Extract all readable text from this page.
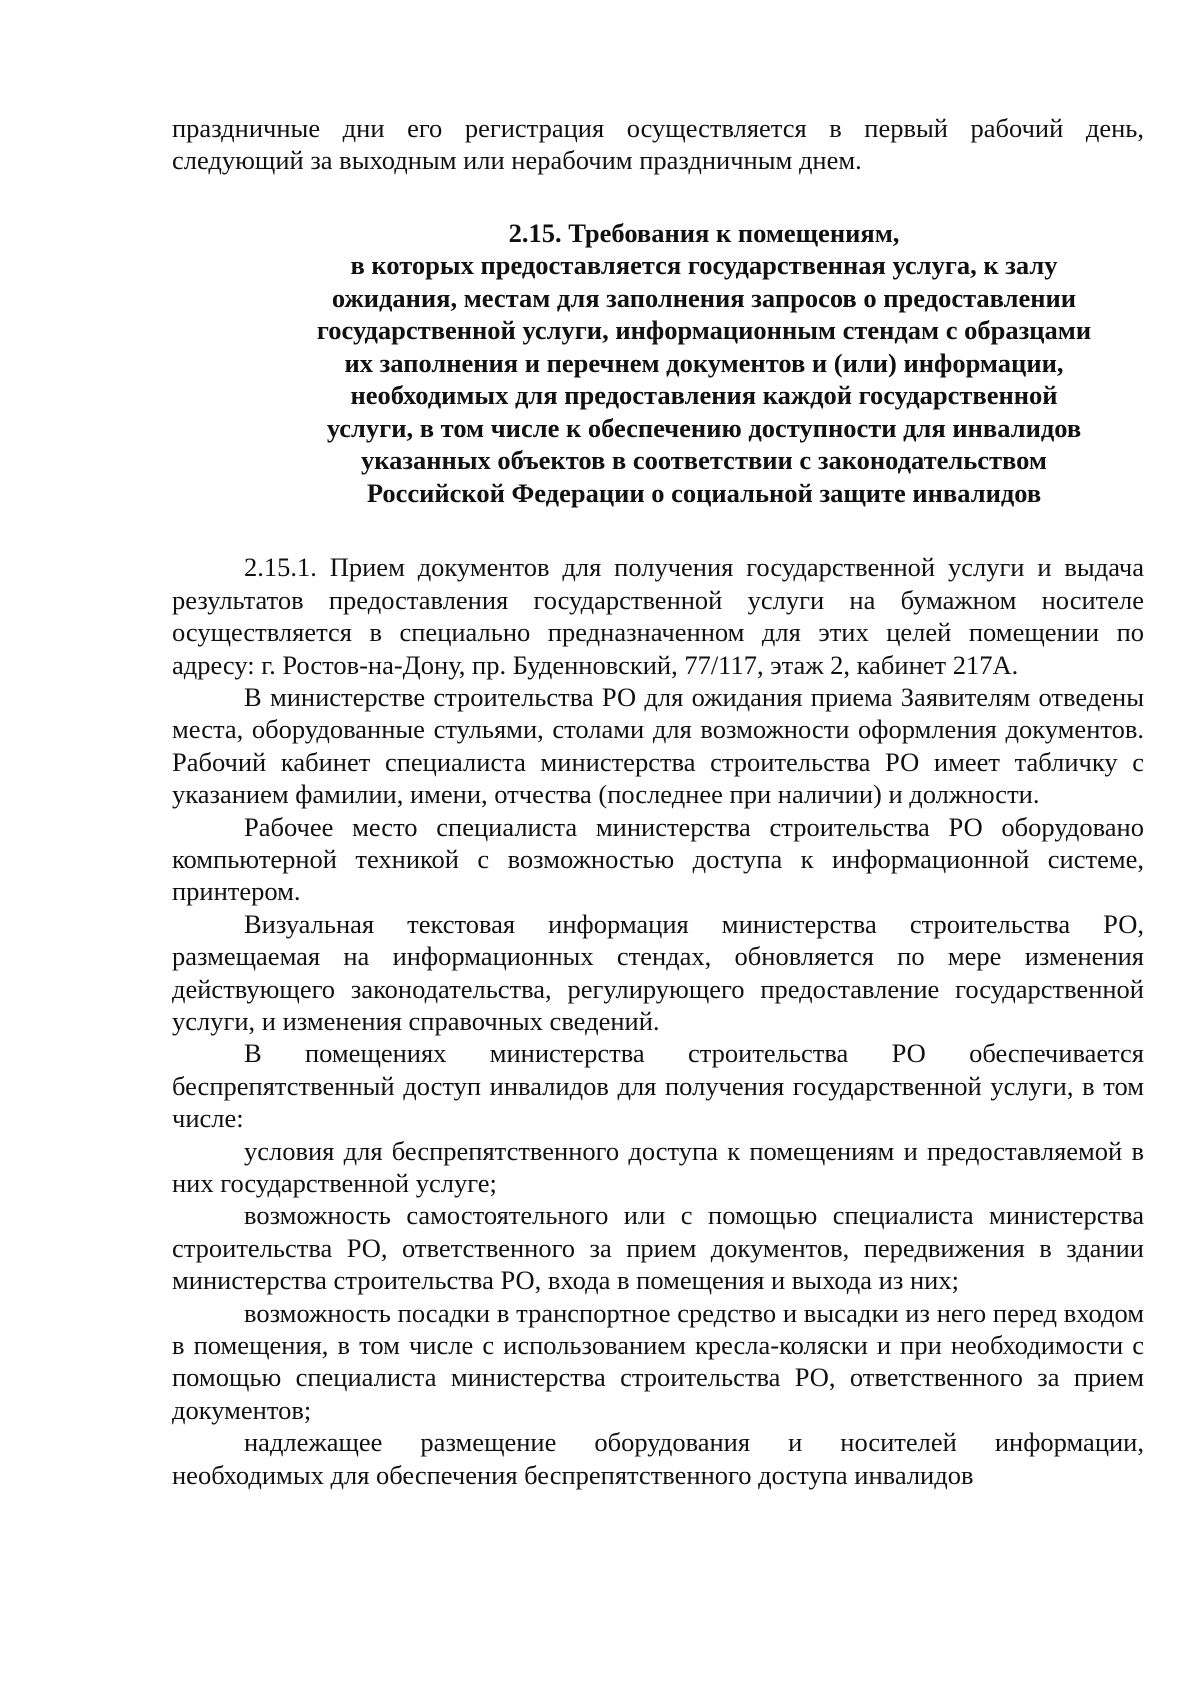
праздничные дни его регистрация осуществляется в первый рабочий день, следующий за выходным или нерабочим праздничным днем.

2.15. Требования к помещениям,
в которых предоставляется государственная услуга, к залу
ожидания, местам для заполнения запросов о предоставлении
государственной услуги, информационным стендам с образцами
их заполнения и перечнем документов и (или) информации,
необходимых для предоставления каждой государственной
услуги, в том числе к обеспечению доступности для инвалидов
указанных объектов в соответствии с законодательством
Российской Федерации о социальной защите инвалидов

2.15.1. Прием документов для получения государственной услуги и выдача результатов предоставления государственной услуги на бумажном носителе осуществляется в специально предназначенном для этих целей помещении по адресу: г. Ростов-на-Дону, пр. Буденновский, 77/117, этаж 2, кабинет 217А.

В министерстве строительства РО для ожидания приема Заявителям отведены места, оборудованные стульями, столами для возможности оформления документов. Рабочий кабинет специалиста министерства строительства РО имеет табличку с указанием фамилии, имени, отчества (последнее при наличии) и должности.

Рабочее место специалиста министерства строительства РО оборудовано компьютерной техникой с возможностью доступа к информационной системе, принтером.

Визуальная текстовая информация министерства строительства РО, размещаемая на информационных стендах, обновляется по мере изменения действующего законодательства, регулирующего предоставление государственной услуги, и изменения справочных сведений.

В помещениях министерства строительства РО обеспечивается беспрепятственный доступ инвалидов для получения государственной услуги, в том числе:

условия для беспрепятственного доступа к помещениям и предоставляемой в них государственной услуге;

возможность самостоятельного или с помощью специалиста министерства строительства РО, ответственного за прием документов, передвижения в здании министерства строительства РО, входа в помещения и выхода из них;

возможность посадки в транспортное средство и высадки из него перед входом в помещения, в том числе с использованием кресла-коляски и при необходимости с помощью специалиста министерства строительства РО, ответственного за прием документов;

надлежащее размещение оборудования и носителей информации, необходимых для обеспечения беспрепятственного доступа инвалидов
